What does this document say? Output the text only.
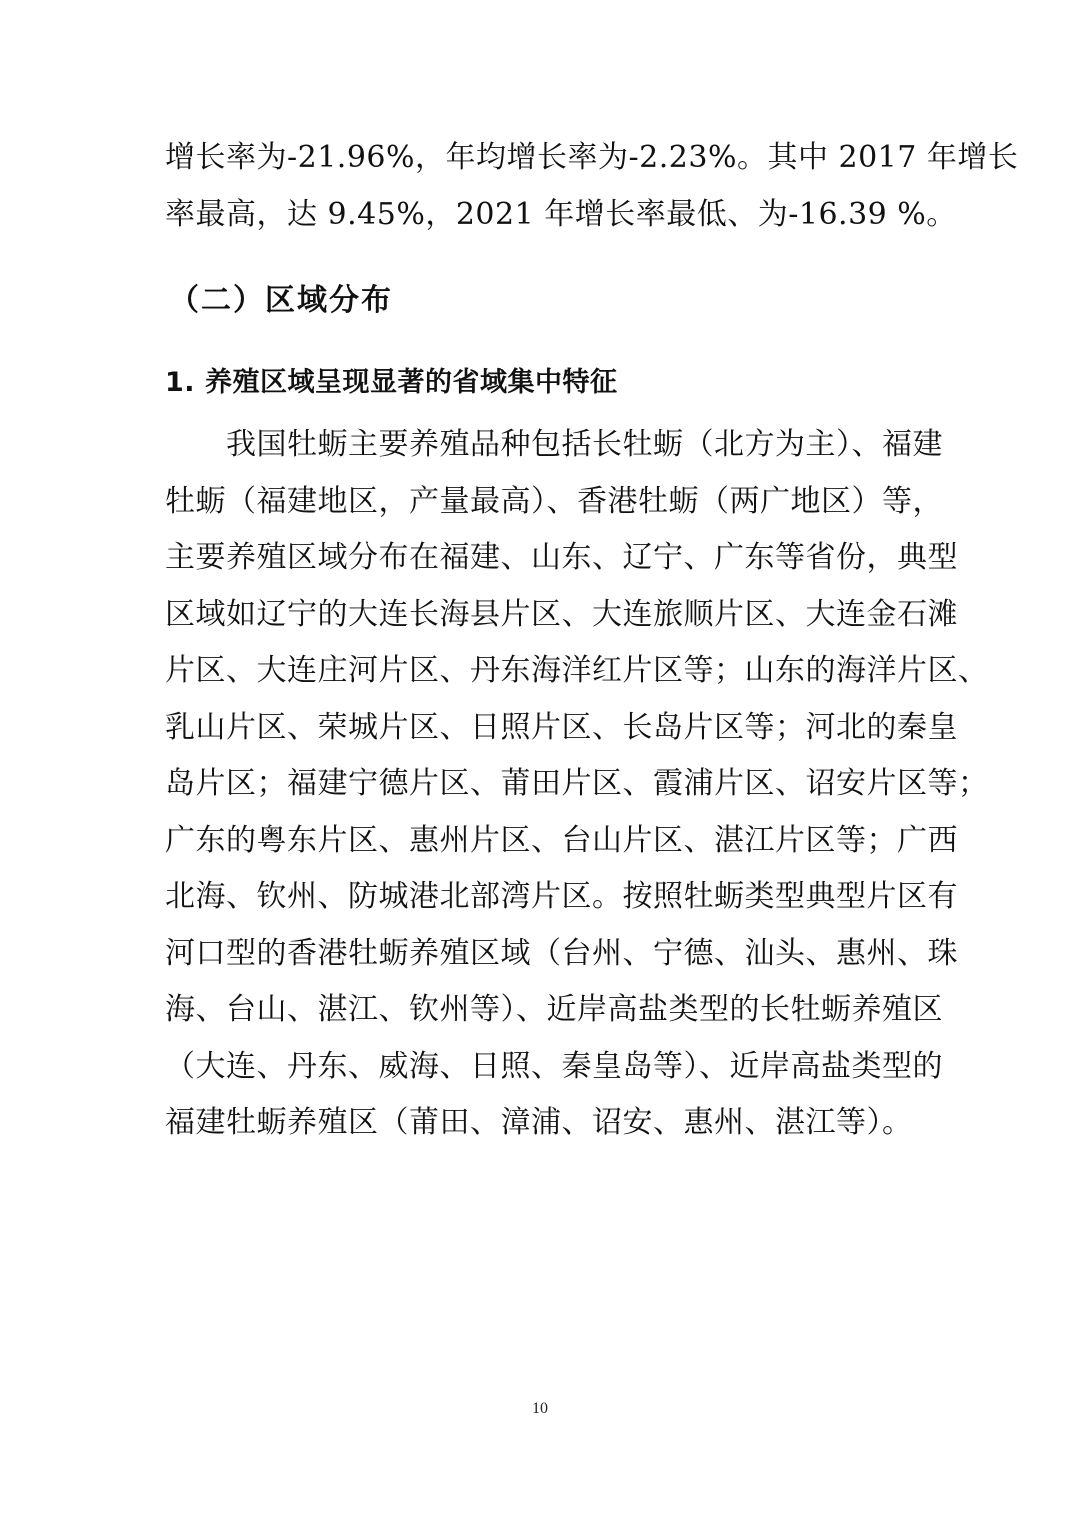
增长率为-21.96%，年均增长率为-2.23%。其中 2017 年增长
率最高，达 9.45%，2021 年增长率最低、为-16.39 %。
（二）区域分布
1. 养殖区域呈现显著的省域集中特征
　　我国牡蛎主要养殖品种包括长牡蛎（北方为主）、福建
牡蛎（福建地区，产量最高）、香港牡蛎（两广地区）等，
主要养殖区域分布在福建、山东、辽宁、广东等省份，典型
区域如辽宁的大连长海县片区、大连旅顺片区、大连金石滩
片区、大连庄河片区、丹东海洋红片区等；山东的海洋片区、
乳山片区、荣城片区、日照片区、长岛片区等；河北的秦皇
岛片区；福建宁德片区、莆田片区、霞浦片区、诏安片区等；
广东的粤东片区、惠州片区、台山片区、湛江片区等；广西
北海、钦州、防城港北部湾片区。按照牡蛎类型典型片区有
河口型的香港牡蛎养殖区域（台州、宁德、汕头、惠州、珠
海、台山、湛江、钦州等）、近岸高盐类型的长牡蛎养殖区
（大连、丹东、威海、日照、秦皇岛等）、近岸高盐类型的
福建牡蛎养殖区（莆田、漳浦、诏安、惠州、湛江等）。
10
